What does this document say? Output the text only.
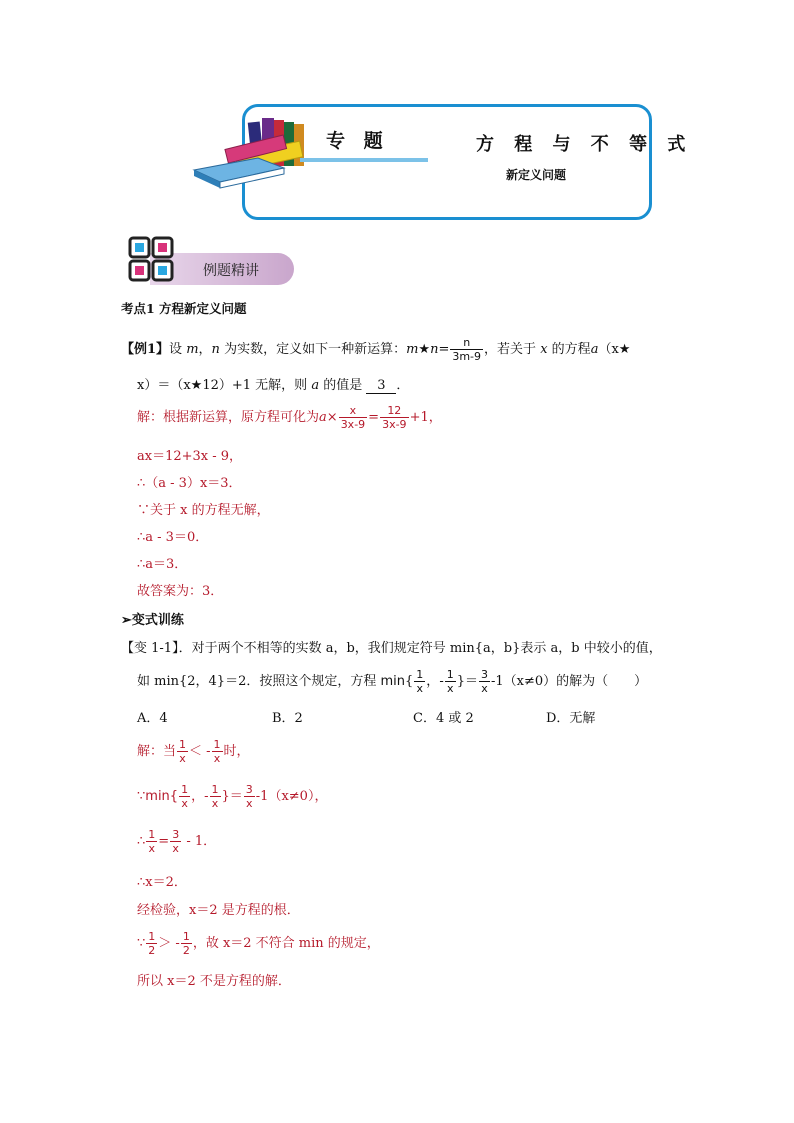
专 题	方 程 与 不 等 式
新定义问题
例题精讲
考点1 方程新定义问题
【例1】设 m，n 为实数，定义如下一种新运算：m★n= $\frac{n}{3m-9}$ ，若关于 x 的方程a（x★
x）＝（x★12）+1 无解，则 a 的值是 3 ．
解：根据新运算，原方程可化为$a\times \frac{x}{3x-9} = \frac{12}{3x-9} +1$，
ax＝12+3x - 9，
∴（a - 3）x＝3．
∵关于 x 的方程无解，
∴a - 3＝0．
∴a＝3．
故答案为：3．
➢变式训练
【变 1-1】．对于两个不相等的实数 a，b，我们规定符号 min{a，b}表示 a，b 中较小的值，
如 min{2，4}＝2．按照这个规定，方程 $\min\{ \frac{1}{x}$ ，- $\frac{1}{x}$ }＝ $\frac{3}{x} -1(x\ne 0)$的解为（　　）
A．4	B．2	C．4 或 2	D．无解
解：当 $\frac{1}{x}$ ＜ - $\frac{1}{x}$ 时，
∵min{ $\frac{1}{x}$ ，- $\frac{1}{x}$ }＝ $\frac{3}{x} -1(x\ne 0)$，
∴ $\frac{1}{x} = \frac{3}{x} - 1$．
∴x＝2．
经检验，x＝2 是方程的根．
∵ $\frac{1}{2}$ ＞ - $\frac{1}{2}$ ，故 x＝2 不符合 min 的规定，
所以 x＝2 不是方程的解．
